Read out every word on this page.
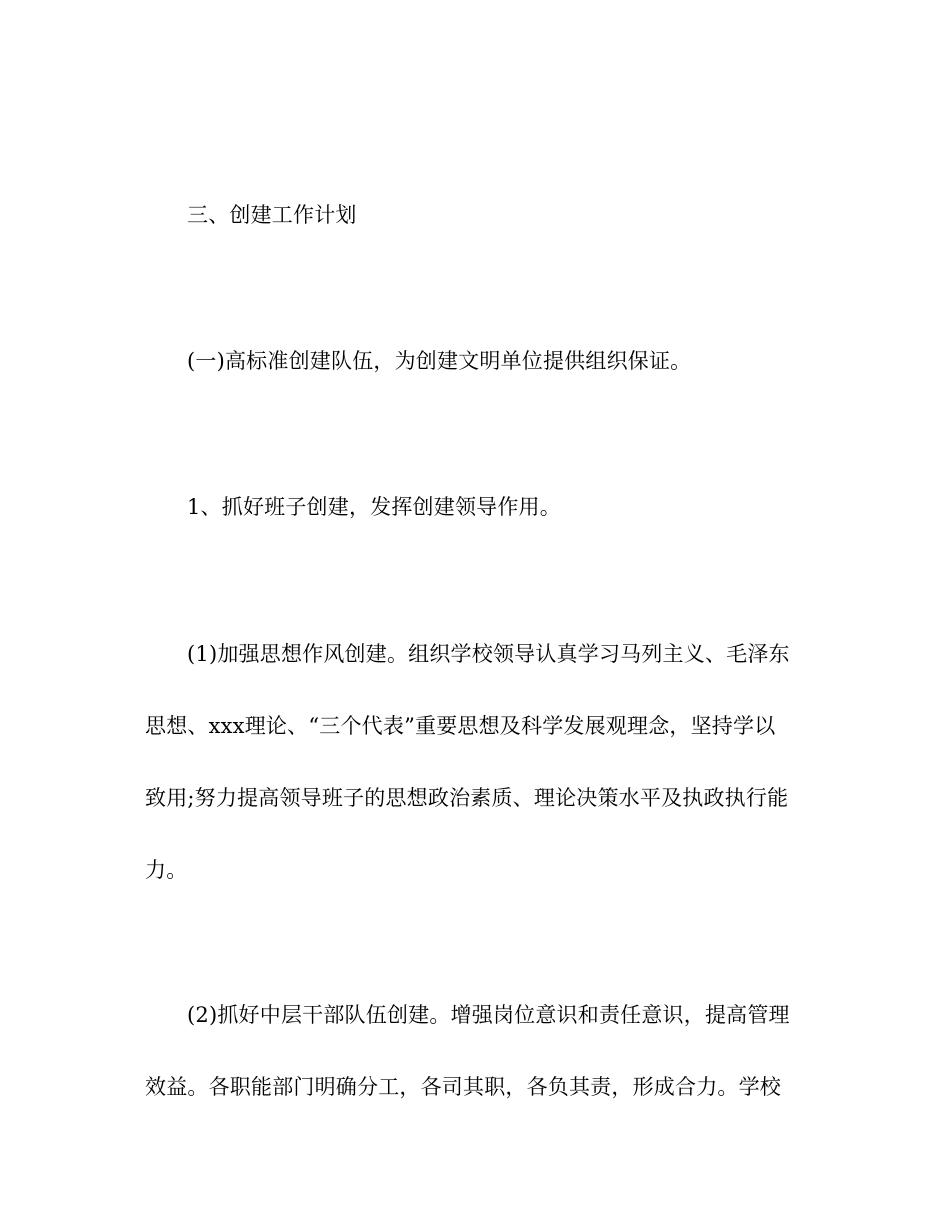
三、创建工作计划
(一)高标准创建队伍，为创建文明单位提供组织保证。
1、抓好班子创建，发挥创建领导作用。
(1)加强思想作风创建。组织学校领导认真学习马列主义、毛泽东
思想、xxx理论、“三个代表”重要思想及科学发展观理念，坚持学以
致用;努力提高领导班子的思想政治素质、理论决策水平及执政执行能
力。
(2)抓好中层干部队伍创建。增强岗位意识和责任意识，提高管理
效益。各职能部门明确分工，各司其职，各负其责，形成合力。学校
